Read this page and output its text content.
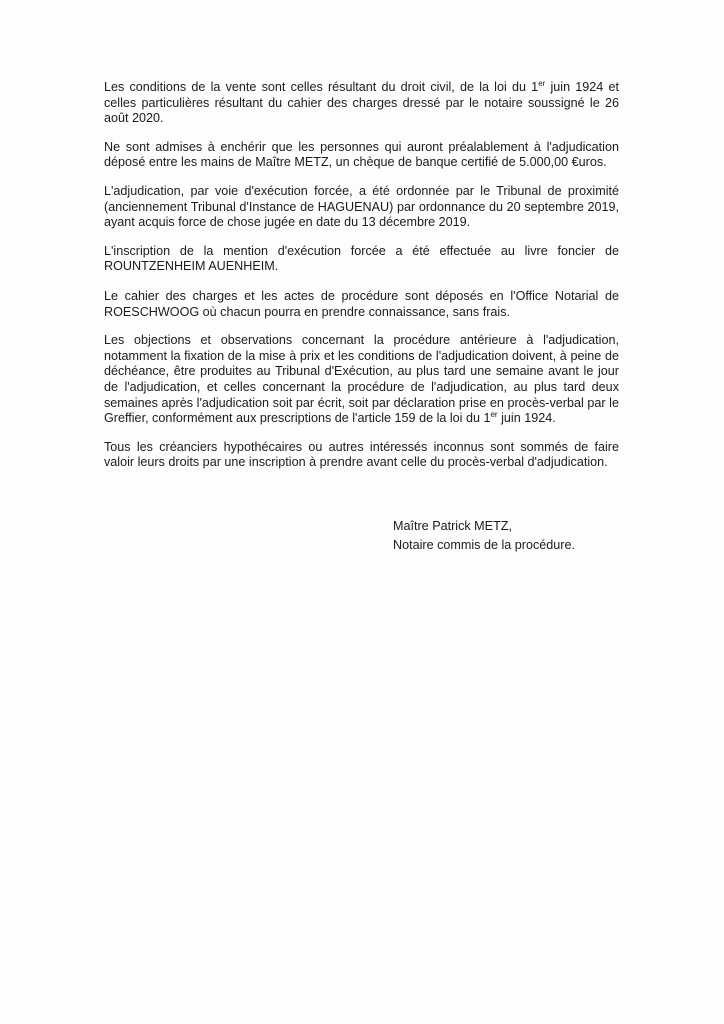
Les conditions de la vente sont celles résultant du droit civil, de la loi du 1er juin 1924 et celles particulières résultant du cahier des charges dressé par le notaire soussigné le 26 août 2020.

Ne sont admises à enchérir que les personnes qui auront préalablement à l'adjudication déposé entre les mains de Maître METZ, un chèque de banque certifié de 5.000,00 €uros.

L'adjudication, par voie d'exécution forcée, a été ordonnée par le Tribunal de proximité (anciennement Tribunal d'Instance de HAGUENAU) par ordonnance du 20 septembre 2019, ayant acquis force de chose jugée en date du 13 décembre 2019.

L'inscription de la mention d'exécution forcée a été effectuée au livre foncier de ROUNTZENHEIM AUENHEIM.

Le cahier des charges et les actes de procédure sont déposés en l'Office Notarial de ROESCHWOOG où chacun pourra en prendre connaissance, sans frais.

Les objections et observations concernant la procédure antérieure à l'adjudication, notamment la fixation de la mise à prix et les conditions de l'adjudication doivent, à peine de déchéance, être produites au Tribunal d'Exécution, au plus tard une semaine avant le jour de l'adjudication, et celles concernant la procédure de l'adjudication, au plus tard deux semaines après l'adjudication soit par écrit, soit par déclaration prise en procès-verbal par le Greffier, conformément aux prescriptions de l'article 159 de la loi du 1er juin 1924.

Tous les créanciers hypothécaires ou autres intéressés inconnus sont sommés de faire valoir leurs droits par une inscription à prendre avant celle du procès-verbal d'adjudication.

Maître Patrick METZ,
Notaire commis de la procédure.
